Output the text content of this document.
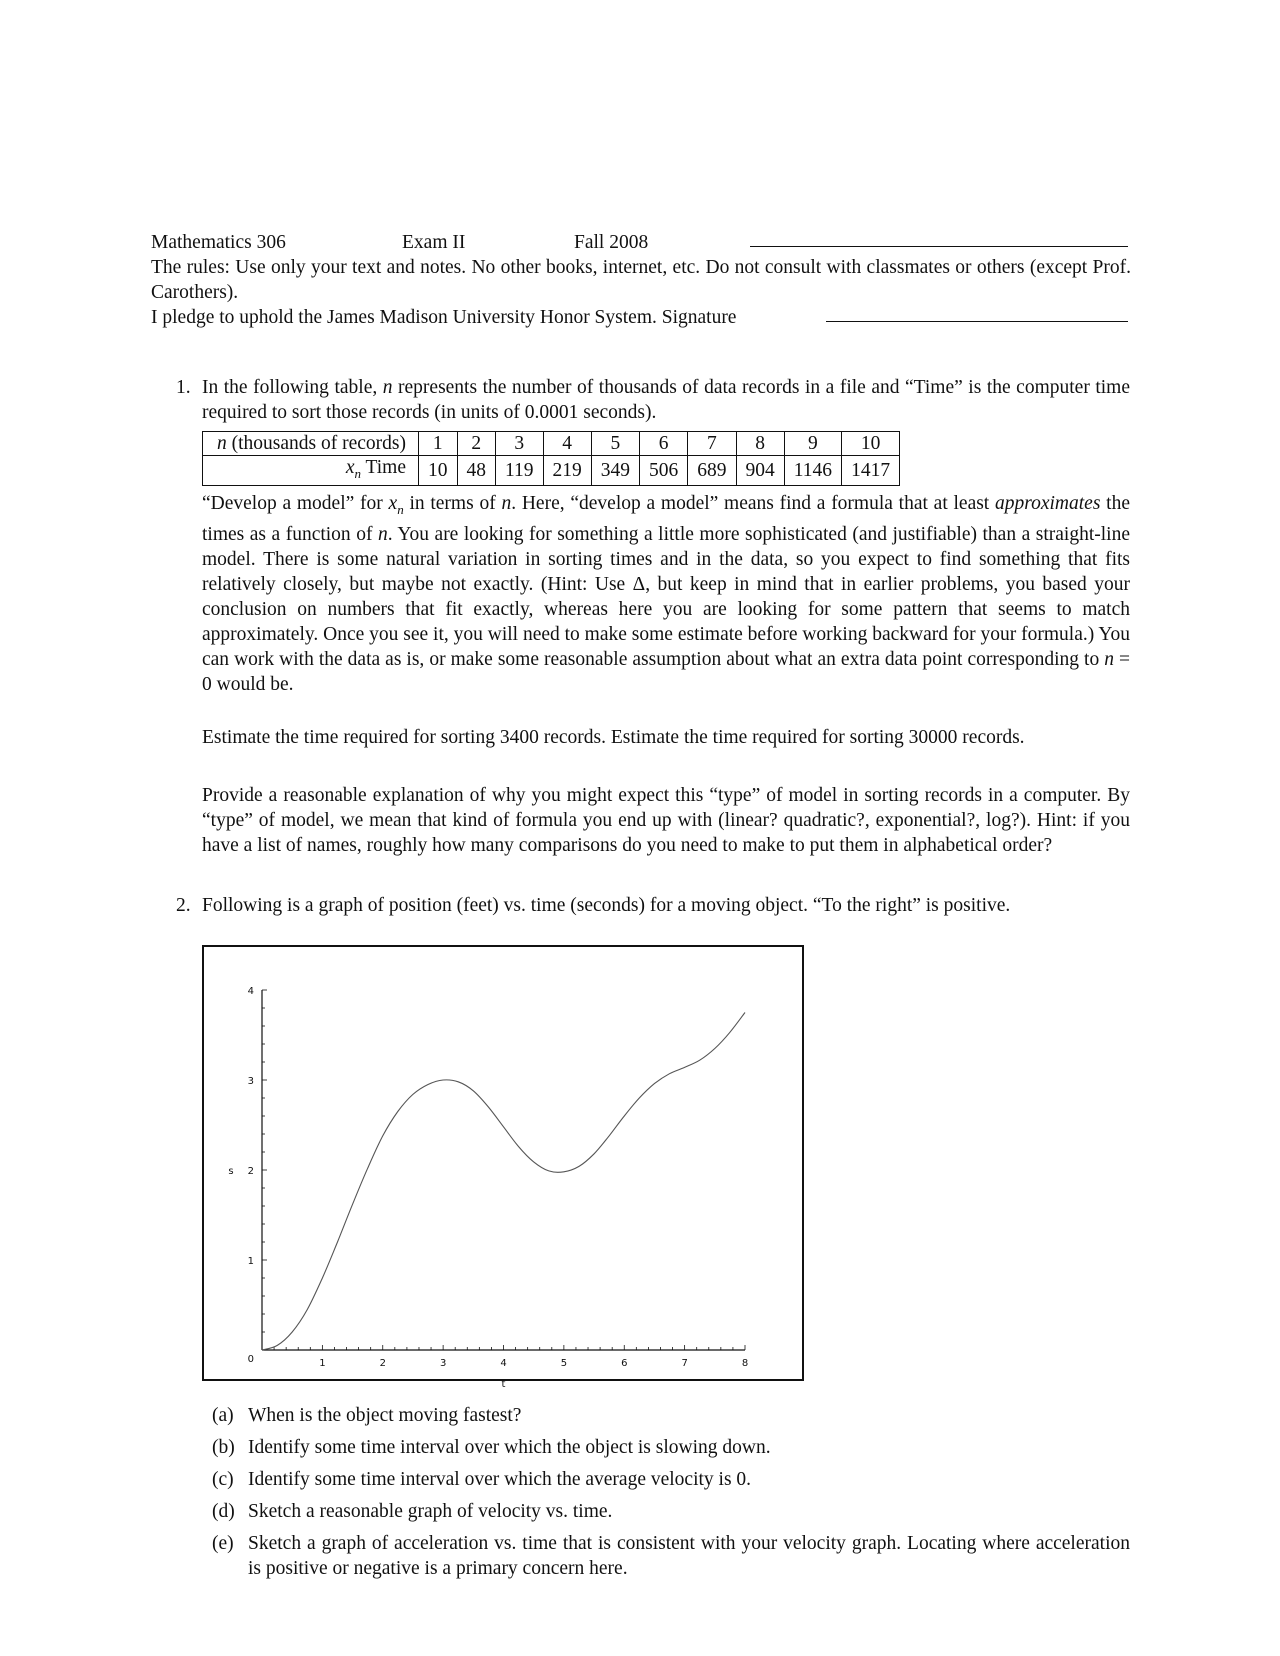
Mathematics 306	Exam II	Fall 2008
The rules: Use only your text and notes. No other books, internet, etc. Do not consult with classmates or others (except Prof. Carothers).
I pledge to uphold the James Madison University Honor System. Signature
1. In the following table, n represents the number of thousands of data records in a file and “Time” is the computer time required to sort those records (in units of 0.0001 seconds).
n (thousands of records)	1	2	3	4	5	6	7	8	9	10
$x_n$ Time	10	48	119	219	349	506	689	904	1146	1417
“Develop a model” for $x_n$ in terms of n. Here, “develop a model” means find a formula that at least approximates the times as a function of n. You are looking for something a little more sophisticated (and justifiable) than a straight-line model. There is some natural variation in sorting times and in the data, so you expect to find something that fits relatively closely, but maybe not exactly. (Hint: Use Δ, but keep in mind that in earlier problems, you based your conclusion on numbers that fit exactly, whereas here you are looking for some pattern that seems to match approximately. Once you see it, you will need to make some estimate before working backward for your formula.) You can work with the data as is, or make some reasonable assumption about what an extra data point corresponding to n = 0 would be.
Estimate the time required for sorting 3400 records. Estimate the time required for sorting 30000 records.
Provide a reasonable explanation of why you might expect this “type” of model in sorting records in a computer. By “type” of model, we mean that kind of formula you end up with (linear? quadratic?, exponential?, log?). Hint: if you have a list of names, roughly how many comparisons do you need to make to put them in alphabetical order?
2. Following is a graph of position (feet) vs. time (seconds) for a moving object. “To the right” is positive.
1	2	3	4	5	6	7	8
0
1
2
3
4
t
s
(a) When is the object moving fastest?
(b) Identify some time interval over which the object is slowing down.
(c) Identify some time interval over which the average velocity is 0.
(d) Sketch a reasonable graph of velocity vs. time.
(e) Sketch a graph of acceleration vs. time that is consistent with your velocity graph. Locating where acceleration is positive or negative is a primary concern here.
